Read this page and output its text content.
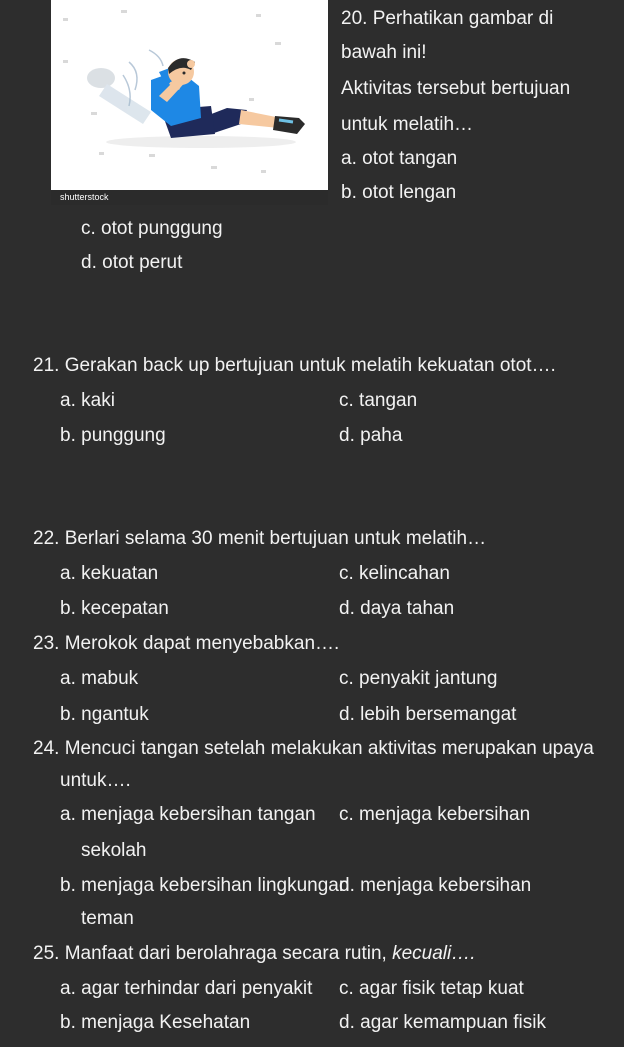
shutterstock
20. Perhatikan gambar di
bawah ini!
Aktivitas tersebut bertujuan
untuk melatih…
a. otot tangan
b. otot lengan
c. otot punggung
d. otot perut
21. Gerakan back up bertujuan untuk melatih kekuatan otot….
a. kaki	c. tangan
b. punggung	d. paha
22. Berlari selama 30 menit bertujuan untuk melatih…
a. kekuatan	c. kelincahan
b. kecepatan	d. daya tahan
23. Merokok dapat menyebabkan….
a. mabuk	c. penyakit jantung
b. ngantuk	d. lebih bersemangat
24. Mencuci tangan setelah melakukan aktivitas merupakan upaya
untuk….
a. menjaga kebersihan tangan c. menjaga kebersihan
sekolah
b. menjaga kebersihan lingkungan
d. menjaga kebersihan
teman
25. Manfaat dari berolahraga secara rutin, kecuali….
a. agar terhindar dari penyakit c. agar fisik tetap kuat
b. menjaga Kesehatan	d. agar kemampuan fisik
